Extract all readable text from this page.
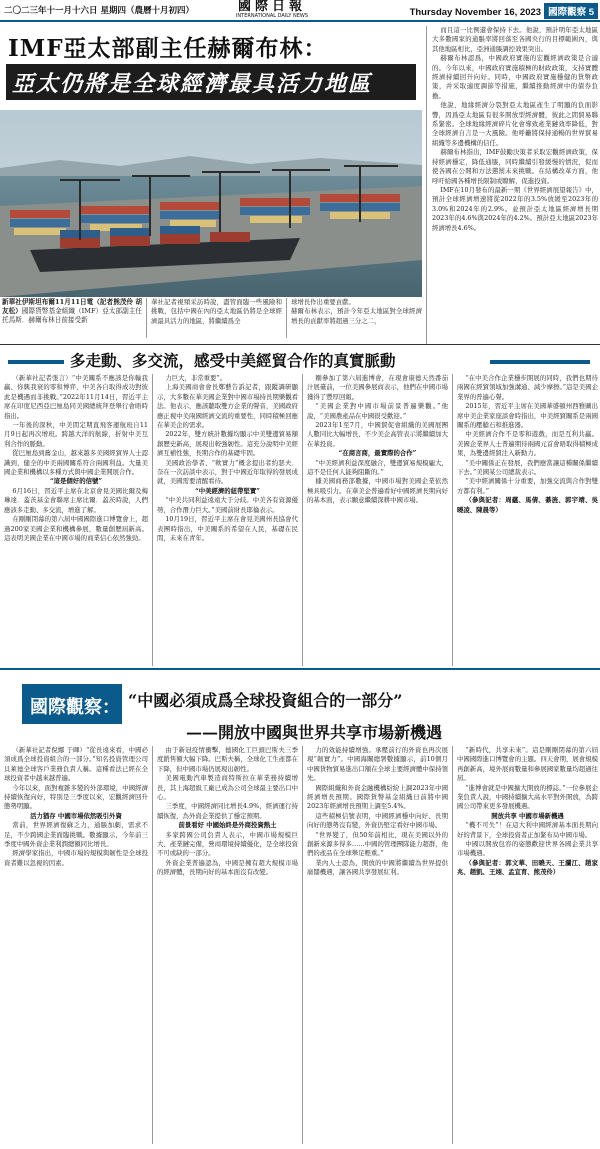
二〇二三年十一月十六日 星期四（農曆十月初四）	國際日報
INTERNATIONAL DAILY NEWS	Thursday November 16, 2023 國際觀察 5
IMF亞太部副主任赫爾布林：
亞太仍將是全球經濟最具活力地區
新華社伊斯坦布爾11月11日電（記者熊茂伶 胡友松）國際貨幣基金組織（IMF）亞太部副主任托馬斯．赫爾布林日前接受新
華社記者視頻采訪時說，盡管面臨一些風險和挑戰，包括中國在內的亞太地區仍將是全球經濟最具活力的地區，將繼續爲全
球增長作出重要貢獻。
赫爾布林表示，預計今年亞太地區對全球經濟增長的貢獻率將超過三分之二，

而且這一比例還會保持下去。他說，預計明年亞太地區大多數國家的通脹率將回落至各國央行的目標範圍內，與其他地區相比，亞洲通脹調控效果突出。

赫爾布林認爲，中國政府實施的宏觀經濟政策是合適的。今年以來，中國政府實施積極的財政政策，支持實體經濟持續回升向好。同時，中國政府實施穩健的貨幣政策，并采取適度調節等措施，繼續推動經濟中的債券負擔。

他說，地緣經濟分裂對亞太地區產生了明顯的負面影響，因爲亞太地區有很多開放型經濟體，彼此之間貿易聯系緊密。全球地緣經濟碎片化會導致產業鏈效率降低，對全球經濟自言是一大風險。他呼籲將保持通暢的世界貿易組織等多邊機構的信任。

赫爾布林指出，IMF鼓勵決策者采取宏觀經濟政策，保持經濟穩定，降低通脹，同時繼續引發緩慢的情況，促而使各國在公開和方法懲罰未來挑戰。在結構改革方面，他呼吁給國各種增長限制或瞭解，促進投資。

IMF在10月發布的最新一期《世界經濟展望報告》中，預計全球經濟增速將從2022年的3.5%放緩至2023年的3.0%和2024年的2.9%。並預計亞太地區經濟增長期2023年的4.6%與2024年的4.2%。預計亞太地區2023年經濟增長4.6%。

多走動、多交流，感受中美經貿合作的真實脈動

（新華社記者張言）“中美關系不應該是你輸我贏、你興我衰的零和博弈，中美各自取得成功對彼此是機遇而非挑戰。”2022年11月14日，習近平主席在印度尼西亞巴厘島同美國總統拜登舉行會晤時指出。

一年後的深秋，中美間定期直飛客運航班自11月9日起再次增班。跨越大洋的航線，折射中美互利合作的脈動。

從巴厘島到舊金山，越來越多美國經貿界人士認識到，健全的中美兩國關系符合兩國利益。大量美國企業和機構以多種方式與中國企業開展合作。

“這是個好的信號”

6月16日，習近平主席在北京會見美國比爾及梅琳達．蓋茨基金會聯席主席比爾．蓋茨時說，人們應該多走動、多交流，增進了解。

在剛剛閉幕的第六屆中國國際進口博覽會上，超過200家美國企業和機構參展，數量創歷屆新高。這表明美國企業在中國市場的商業信心依然強勁。

力巨大，非常重要”。

上海美國商會會長鄭藝告訴記者，跟蹤調研顯示，大多數在華美國企業對中國市場持長期樂觀看法。他表示，應該聽取雙方企業的聲音，美國政府應正視中美兩國經濟交流的重要性，同時積極回應在華美企的需求。

2022年，雙方統計數據均顯示中美雙邊貿易額創歷史新高，展現出較強韌性。這充分說明中美經濟互補性強，長期合作的基礎牢固。

美國政治學者、“軟實力”概念提出者約瑟夫．奈在一次訪談中表示，對于中國近年取得的發展成就，美國需要清醒看待。

“中美經濟的紐帶堅實”

“中美共同利益遠遠大于分歧。中美各有資源優勢，合作潛力巨大。”美國前財長耶倫表示。

10月19日，習近平主席在會見美國州長協會代表團時指出，中美關系的希望在人民，基礎在民間，未來在青年。

剛參加了第六屆進博會，在現會康德天然番茄汁展臺前，一位美國參展商表示，他們在中國市場獲得了豐厚回報。

“美國企業對中國市場前景普遍樂觀。”他說，“美國農產品在中國很受歡迎。”

2023年1至7月，中國貿促會組織的美國展團人數同比大幅增長，不少美企高管表示將繼續加大在華投資。

“在商言商，最實際的合作”

“中美經濟利益深度融合，雙邊貿易規模龐大，這不是任何人能夠阻斷的。”

據美國商務部數據，中國市場對美國企業依然極具吸引力。在華美企普遍看好中國經濟長期向好的基本面，表示願意繼續深耕中國市場。

“在中美合作企業穩步開展的同時，我們也期待兩國在經貿領域加強溝通、減少摩擦。”這是美國企業界的普遍心聲。

2015年，習近平主席在美國華盛頓州西雅圖出席中美企業家座談會時指出，中美經貿關系是兩國關系的壓艙石和推進器。

中美經濟合作不是零和遊戲，而是互利共贏。美國企業界人士普遍期待兩國元首會晤取得積極成果，為雙邊經貿注入新動力。

“美中關係正在發展，我們應當讓這種關係繼續下去。”美國某公司總裁表示。

“美中經濟關係十分重要，加強交流與合作對雙方都有利。”

（參與記者：周蘊、馬倩、綦旌、郭宇靖、吳曉凌、陳晨等）

國際觀察： “中國必須成爲全球投資組合的一部分”
——開放中國與世界共享市場新機遇

（新華社記者倪娜 于暉）“從長遠來看，中國必須成爲全球投資組合的一部分。”知名投資管理公司貝萊德全球客戶業務負責人稱。這種看法已經在全球投資者中越來越普遍。

今年以來，面對複雜多變的外部環境，中國經濟持續恢復向好，特別是三季度以來，宏觀經濟回升態勢明顯。

活力猶存 中國市場依然吸引外資

當前，世界經濟復蘇乏力，通脹加劇，需求不足，不少跨國企業面臨挑戰。數據顯示，今年前三季度中國外資企業利潤總額同比增長。

經濟學家指出，中國市場的規模與韌性是全球投資者難以忽視的因素。

由于新冠疫情衝擊，德國化工巨頭巴斯夫三季度銷售額大幅下降。巴斯夫稱，全球化工生產都在下降，但中國市場仍展現出韌性。

美國電動汽車製造商特斯拉在華業務持續增長，其上海超級工廠已成為公司全球最主要出口中心。

三季度，中國經濟同比增長4.9%，經濟運行持續恢復，為外資企業提供了穩定預期。

前景看好 中國始終是外商投資熱土

多家跨國公司負責人表示，中國市場規模巨大、產業鏈完備，營商環境持續優化，是全球投資不可或缺的一部分。

外資企業普遍認為，中國是擁有超大規模市場的經濟體，長期向好的基本面沒有改變。

力的效能持續增強。承壓前行的外資也再次展現“韌實力”。中國海關總署數據顯示，前10個月中國貨物貿易進出口額在全球主要經濟體中保持領先。

國際組織和外資金融機構紛紛上調2023年中國經濟增長預期。國際貨幣基金組織日前將中國2023年經濟增長預期上調至5.4%。

這些積極信號表明，中國經濟穩中向好、長期向好的態勢沒有變，外資仍堅定看好中國市場。

“世界變了，但50年前相比，現在美國以外的創新來源多得多……中國的管理團隊能力超群，他們的產品在全球舉足輕重。”

業內人士認為，開放的中國將繼續為世界提供廣闊機遇，讓各國共享發展紅利。

“新時代，共享未來”。這是剛剛閉幕的第六屆中國國際進口博覽會的主題。四天會期，展會規模再創新高，境外展商數量和參展國家數量均超過往屆。

“進博會就是中國擴大開放的標誌。”一位參展企業負責人說，中國持續擴大高水平對外開放，為跨國公司帶來更多發展機遇。

開放共享 中國市場新機遇

“機不可失”！在這大利中國經濟基本面長期向好的背景下，全球投資者正加緊布局中國市場。

中國以開放包容的姿態歡迎世界各國企業共享市場機遇。

（參與記者：郭文華、田曉天、王瀾江、趙家兆、趙凱、王翊、孟宜育、熊茂伶）
